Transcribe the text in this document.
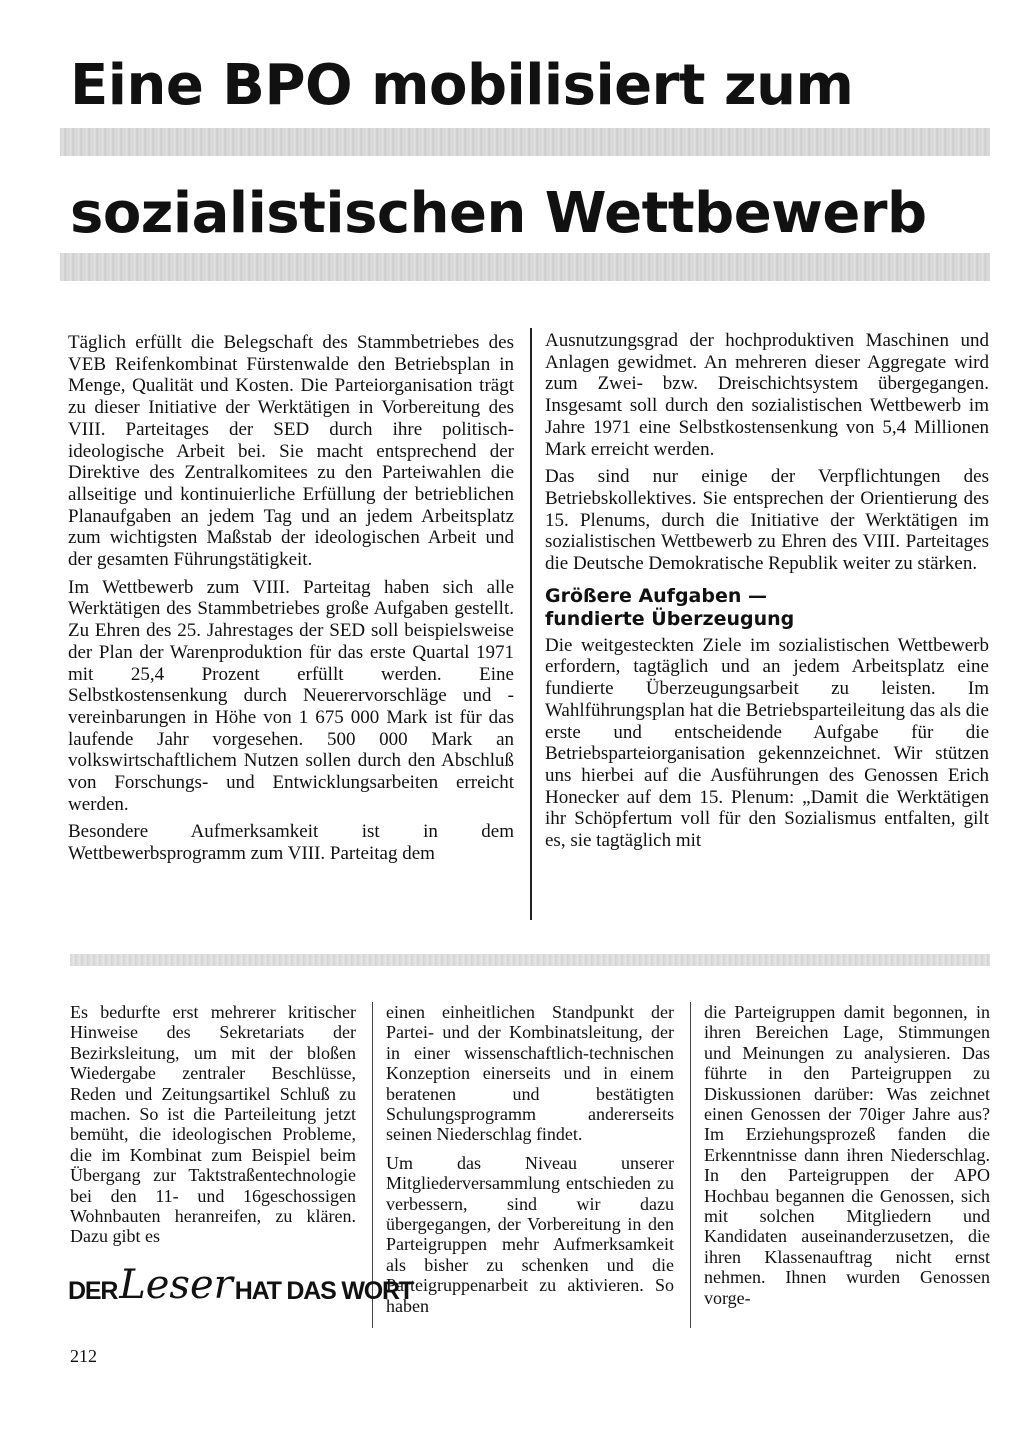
Eine BPO mobilisiert zum
sozialistischen Wettbewerb

Täglich erfüllt die Belegschaft des Stammbetriebes des VEB Reifenkombinat Fürstenwalde den Betriebsplan in Menge, Qualität und Kosten. Die Parteiorganisation trägt zu dieser Initiative der Werktätigen in Vorbereitung des VIII. Parteitages der SED durch ihre politisch-ideologische Arbeit bei. Sie macht entsprechend der Direktive des Zentralkomitees zu den Parteiwahlen die allseitige und kontinuierliche Erfüllung der betrieblichen Planaufgaben an jedem Tag und an jedem Arbeitsplatz zum wichtigsten Maßstab der ideologischen Arbeit und der gesamten Führungstätigkeit.

Im Wettbewerb zum VIII. Parteitag haben sich alle Werktätigen des Stammbetriebes große Aufgaben gestellt. Zu Ehren des 25. Jahrestages der SED soll beispielsweise der Plan der Warenproduktion für das erste Quartal 1971 mit 25,4 Prozent erfüllt werden. Eine Selbstkostensenkung durch Neuerervorschläge und -vereinbarungen in Höhe von 1 675 000 Mark ist für das laufende Jahr vorgesehen. 500 000 Mark an volkswirtschaftlichem Nutzen sollen durch den Abschluß von Forschungs- und Entwicklungsarbeiten erreicht werden.

Besondere Aufmerksamkeit ist in dem Wettbewerbsprogramm zum VIII. Parteitag dem

Ausnutzungsgrad der hochproduktiven Maschinen und Anlagen gewidmet. An mehreren dieser Aggregate wird zum Zwei- bzw. Dreischichtsystem übergegangen. Insgesamt soll durch den sozialistischen Wettbewerb im Jahre 1971 eine Selbstkostensenkung von 5,4 Millionen Mark erreicht werden.

Das sind nur einige der Verpflichtungen des Betriebskollektives. Sie entsprechen der Orientierung des 15. Plenums, durch die Initiative der Werktätigen im sozialistischen Wettbewerb zu Ehren des VIII. Parteitages die Deutsche Demokratische Republik weiter zu stärken.

Größere Aufgaben —
fundierte Überzeugung

Die weitgesteckten Ziele im sozialistischen Wettbewerb erfordern, tagtäglich und an jedem Arbeitsplatz eine fundierte Überzeugungsarbeit zu leisten. Im Wahlführungsplan hat die Betriebsparteileitung das als die erste und entscheidende Aufgabe für die Betriebsparteiorganisation gekennzeichnet. Wir stützen uns hierbei auf die Ausführungen des Genossen Erich Honecker auf dem 15. Plenum: „Damit die Werktätigen ihr Schöpfertum voll für den Sozialismus entfalten, gilt es, sie tagtäglich mit

Es bedurfte erst mehrerer kritischer Hinweise des Sekretariats der Bezirksleitung, um mit der bloßen Wiedergabe zentraler Beschlüsse, Reden und Zeitungsartikel Schluß zu machen. So ist die Parteileitung jetzt bemüht, die ideologischen Probleme, die im Kombinat zum Beispiel beim Übergang zur Taktstraßentechnologie bei den 11- und 16geschossigen Wohnbauten heranreifen, zu klären. Dazu gibt es

einen einheitlichen Standpunkt der Partei- und der Kombinatsleitung, der in einer wissenschaftlich-technischen Konzeption einerseits und in einem beratenen und bestätigten Schulungsprogramm andererseits seinen Niederschlag findet.

Um das Niveau unserer Mitgliederversammlung entschieden zu verbessern, sind wir dazu übergegangen, der Vorbereitung in den Parteigruppen mehr Aufmerksamkeit als bisher zu schenken und die Parteigruppenarbeit zu aktivieren. So haben

die Parteigruppen damit begonnen, in ihren Bereichen Lage, Stimmungen und Meinungen zu analysieren. Das führte in den Parteigruppen zu Diskussionen darüber: Was zeichnet einen Genossen der 70iger Jahre aus? Im Erziehungsprozeß fanden die Erkenntnisse dann ihren Niederschlag. In den Parteigruppen der APO Hochbau begannen die Genossen, sich mit solchen Mitgliedern und Kandidaten auseinanderzusetzen, die ihren Klassenauftrag nicht ernst nehmen. Ihnen wurden Genossen vorge-

DER Leser HAT DAS WORT
212
